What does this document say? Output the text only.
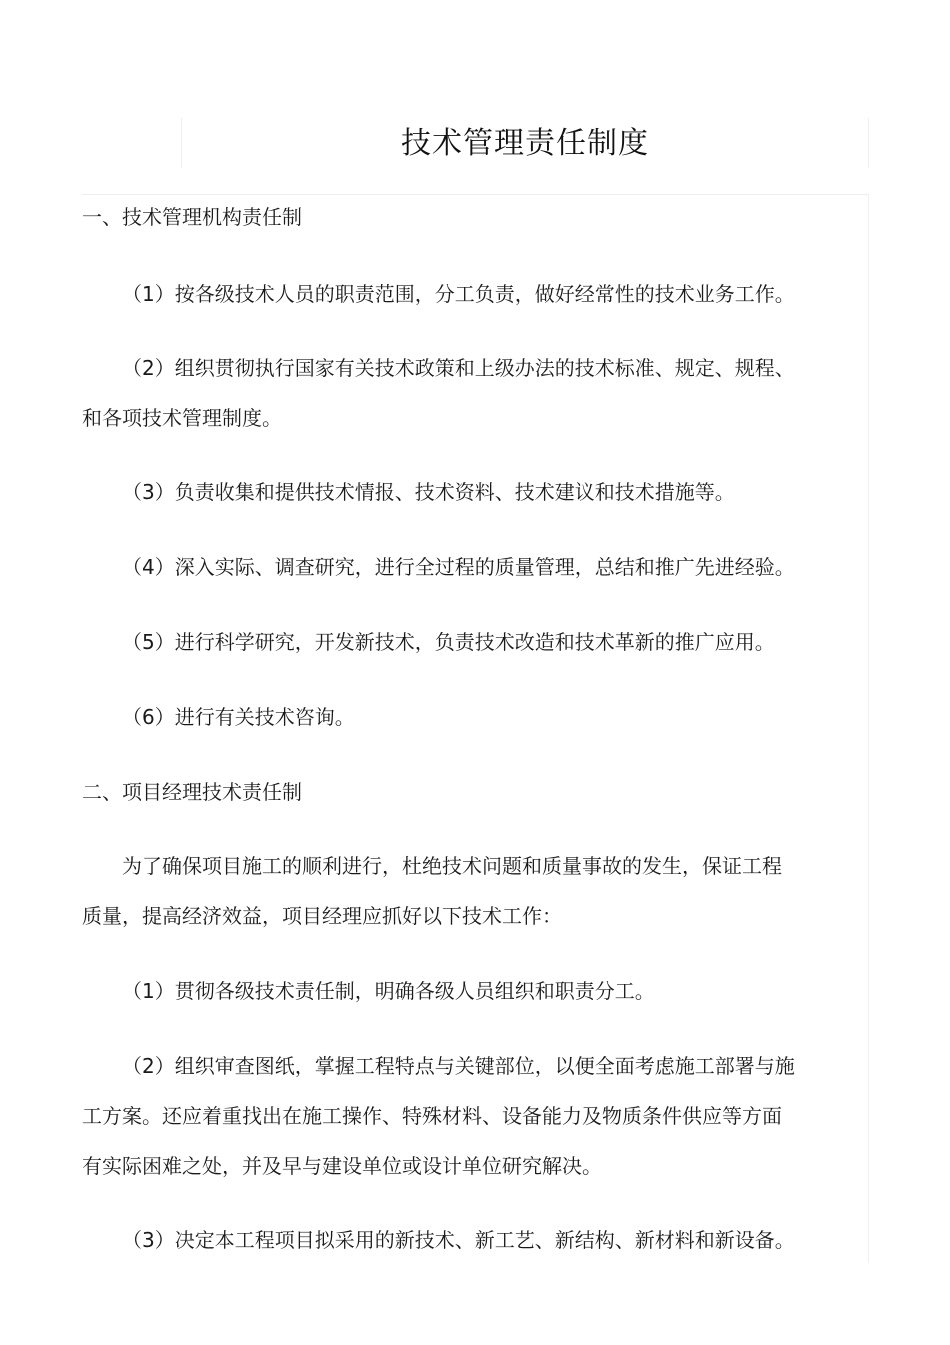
技术管理责任制度
一、技术管理机构责任制
（1）按各级技术人员的职责范围，分工负责，做好经常性的技术业务工作。
（2）组织贯彻执行国家有关技术政策和上级办法的技术标准、规定、规程、
和各项技术管理制度。
（3）负责收集和提供技术情报、技术资料、技术建议和技术措施等。
（4）深入实际、调查研究，进行全过程的质量管理，总结和推广先进经验。
（5）进行科学研究，开发新技术，负责技术改造和技术革新的推广应用。
（6）进行有关技术咨询。
二、项目经理技术责任制
为了确保项目施工的顺利进行，杜绝技术问题和质量事故的发生，保证工程
质量，提高经济效益，项目经理应抓好以下技术工作：
（1）贯彻各级技术责任制，明确各级人员组织和职责分工。
（2）组织审查图纸，掌握工程特点与关键部位，以便全面考虑施工部署与施
工方案。还应着重找出在施工操作、特殊材料、设备能力及物质条件供应等方面
有实际困难之处，并及早与建设单位或设计单位研究解决。
（3）决定本工程项目拟采用的新技术、新工艺、新结构、新材料和新设备。
